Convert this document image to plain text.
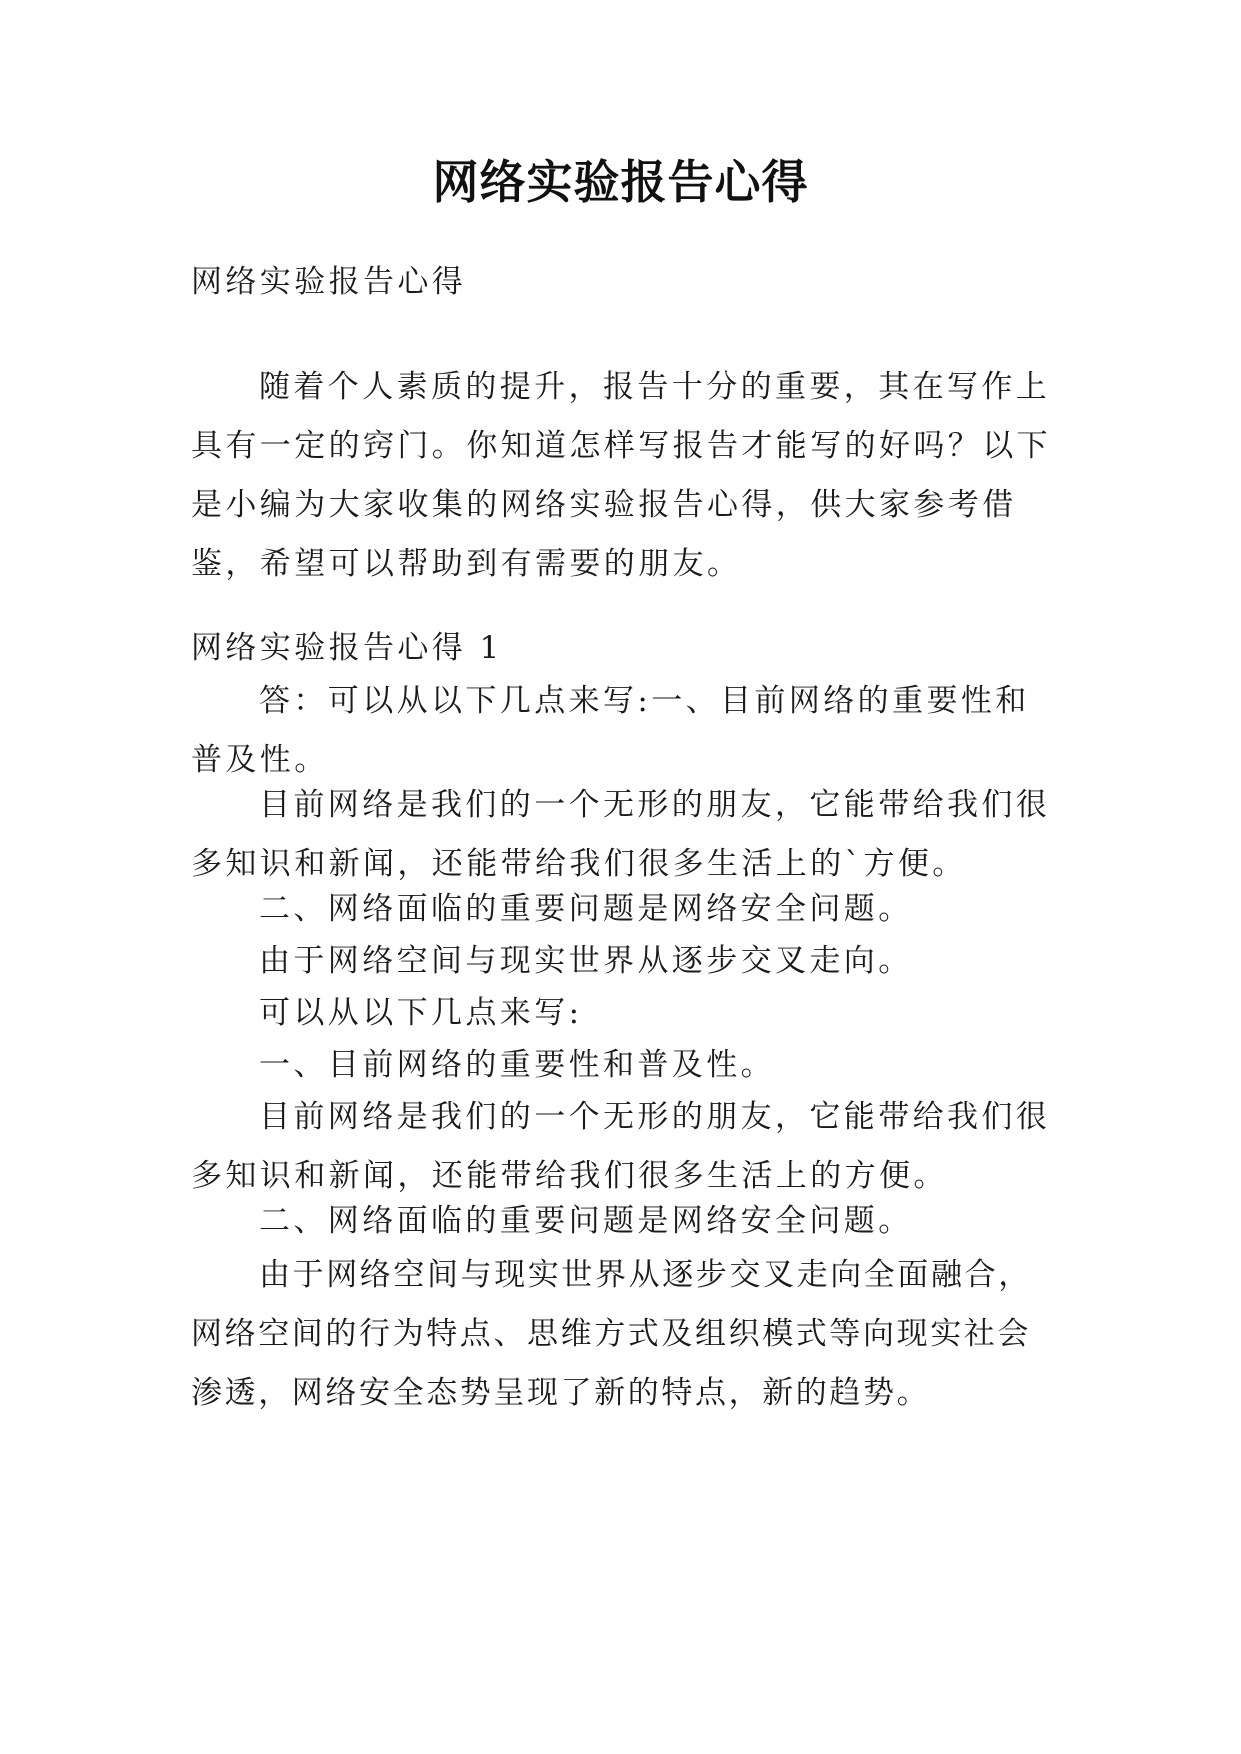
网络实验报告心得

网络实验报告心得

随着个人素质的提升，报告十分的重要，其在写作上具有一定的窍门。你知道怎样写报告才能写的好吗？以下是小编为大家收集的网络实验报告心得，供大家参考借鉴，希望可以帮助到有需要的朋友。

网络实验报告心得 1

答：可以从以下几点来写:一、目前网络的重要性和普及性。

目前网络是我们的一个无形的朋友，它能带给我们很多知识和新闻，还能带给我们很多生活上的`方便。

二、网络面临的重要问题是网络安全问题。

由于网络空间与现实世界从逐步交叉走向。

可以从以下几点来写:

一、目前网络的重要性和普及性。

目前网络是我们的一个无形的朋友，它能带给我们很多知识和新闻，还能带给我们很多生活上的方便。

二、网络面临的重要问题是网络安全问题。

由于网络空间与现实世界从逐步交叉走向全面融合，网络空间的行为特点、思维方式及组织模式等向现实社会渗透，网络安全态势呈现了新的特点，新的趋势。
